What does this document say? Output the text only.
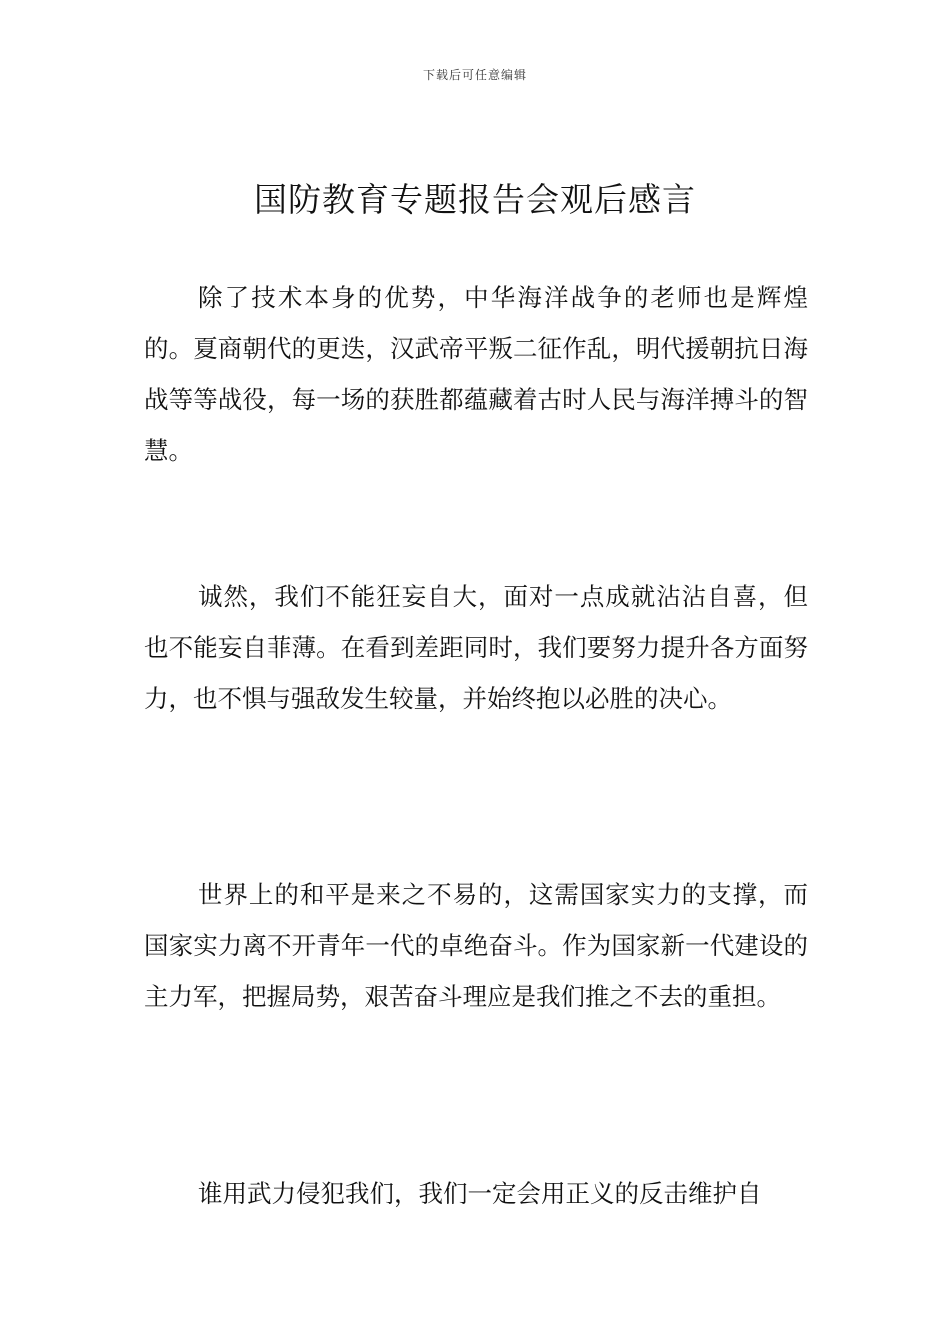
下载后可任意编辑
国防教育专题报告会观后感言

除了技术本身的优势，中华海洋战争的老师也是辉煌的。夏商朝代的更迭，汉武帝平叛二征作乱，明代援朝抗日海战等等战役，每一场的获胜都蕴藏着古时人民与海洋搏斗的智慧。

诚然，我们不能狂妄自大，面对一点成就沾沾自喜，但也不能妄自菲薄。在看到差距同时，我们要努力提升各方面努力，也不惧与强敌发生较量，并始终抱以必胜的决心。

世界上的和平是来之不易的，这需国家实力的支撑，而国家实力离不开青年一代的卓绝奋斗。作为国家新一代建设的主力军，把握局势，艰苦奋斗理应是我们推之不去的重担。

谁用武力侵犯我们，我们一定会用正义的反击维护自
